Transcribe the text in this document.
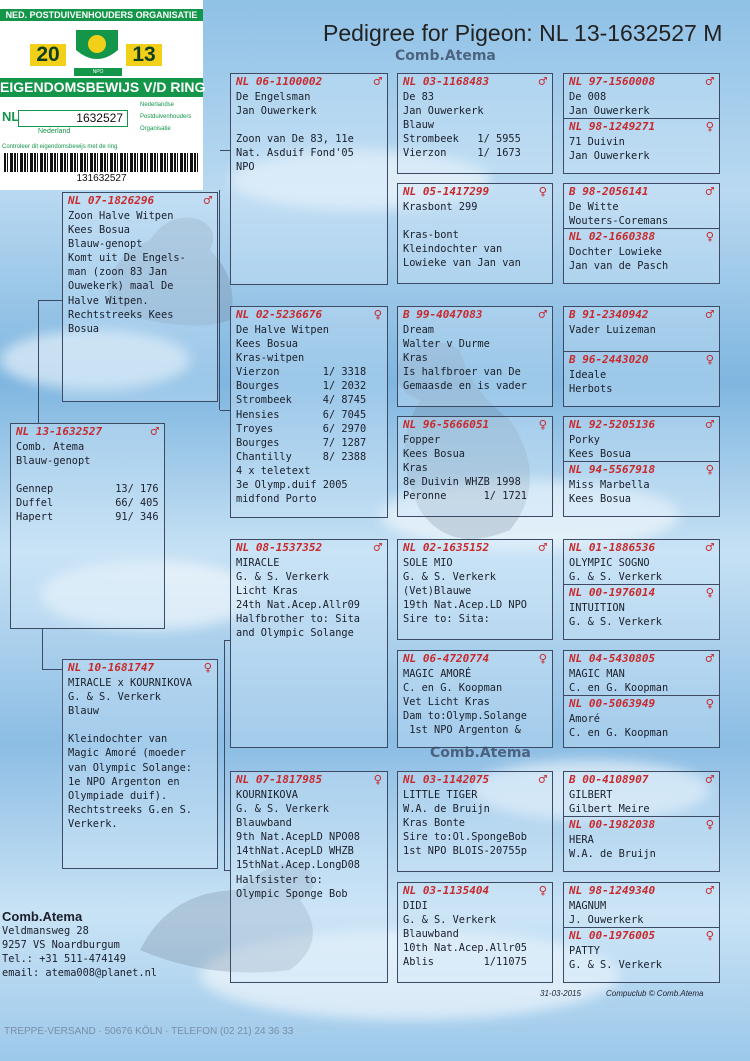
Comb.Atema
Comb.Atema
Pedigree for Pigeon: NL 13-1632527 M
NED. POSTDUIVENHOUDERS ORGANISATIE
20
NPO
13
EIGENDOMSBEWIJS V/D RING
NL	1632527
Nederland
Nederlandse
Postduivenhouders
Organisatie
Controleer dit eigendomsbewijs met de ring
131632527
NL 13-1632527	♂
Comb. Atema
Blauw-genopt

Gennep          13/ 176
Duffel          66/ 405
Hapert          91/ 346
NL 07-1826296	♂
Zoon Halve Witpen
Kees Bosua
Blauw-genopt
Komt uit De Engels-
man (zoon 83 Jan
Ouwekerk) maal De
Halve Witpen.
Rechtstreeks Kees
Bosua
NL 10-1681747	♀
MIRACLE x KOURNIKOVA
G. & S. Verkerk
Blauw

Kleindochter van
Magic Amoré (moeder
van Olympic Solange:
1e NPO Argenton en
Olympiade duif).
Rechtstreeks G.en S.
Verkerk.
NL 06-1100002	♂
De Engelsman
Jan Ouwerkerk

Zoon van De 83, 11e
Nat. Asduif Fond'05
NPO
NL 02-5236676	♀
De Halve Witpen
Kees Bosua
Kras-witpen
Vierzon       1/ 3318
Bourges       1/ 2032
Strombeek     4/ 8745
Hensies       6/ 7045
Troyes        6/ 2970
Bourges       7/ 1287
Chantilly     8/ 2388
4 x teletext
3e Olymp.duif 2005
midfond Porto
NL 08-1537352	♂
MIRACLE
G. & S. Verkerk
Licht Kras
24th Nat.Acep.Allr09
Halfbrother to: Sita
and Olympic Solange
NL 07-1817985	♀
KOURNIKOVA
G. & S. Verkerk
Blauwband
9th Nat.AcepLD NPO08
14thNat.AcepLD WHZB
15thNat.Acep.LongD08
Halfsister to:
Olympic Sponge Bob
NL 03-1168483	♂
De 83
Jan Ouwerkerk
Blauw
Strombeek   1/ 5955
Vierzon     1/ 1673
NL 05-1417299	♀
Krasbont 299

Kras-bont
Kleindochter van
Lowieke van Jan van
B 99-4047083	♂
Dream
Walter v Durme
Kras
Is halfbroer van De
Gemaasde en is vader
NL 96-5666051	♀
Fopper
Kees Bosua
Kras
8e Duivin WHZB 1998
Peronne      1/ 1721
NL 02-1635152	♂
SOLE MIO
G. & S. Verkerk
(Vet)Blauwe
19th Nat.Acep.LD NPO
Sire to: Sita:
NL 06-4720774	♀
MAGIC AMORÉ
C. en G. Koopman
Vet Licht Kras
Dam to:Olymp.Solange
1st NPO Argenton &
NL 03-1142075	♂
LITTLE TIGER
W.A. de Bruijn
Kras Bonte
Sire to:Ol.SpongeBob
1st NPO BLOIS-20755p
NL 03-1135404	♀
DIDI
G. & S. Verkerk
Blauwband
10th Nat.Acep.Allr05
Ablis        1/11075
NL 97-1560008	♂
De 008
Jan Ouwerkerk
NL 98-1249271	♀
71 Duivin
Jan Ouwerkerk
B 98-2056141	♂
De Witte
Wouters-Coremans
NL 02-1660388	♀
Dochter Lowieke
Jan van de Pasch
B 91-2340942	♂
Vader Luizeman

B 96-2443020	♀
Ideale
Herbots
NL 92-5205136	♂
Porky
Kees Bosua
NL 94-5567918	♀
Miss Marbella
Kees Bosua
NL 01-1886536	♂
OLYMPIC SOGNO
G. & S. Verkerk
NL 00-1976014	♀
INTUITION
G. & S. Verkerk
NL 04-5430805	♂
MAGIC MAN
C. en G. Koopman
NL 00-5063949	♀
Amoré
C. en G. Koopman
B 00-4108907	♂
GILBERT
Gilbert Meire
NL 00-1982038	♀
HERA
W.A. de Bruijn
NL 98-1249340	♂
MAGNUM
J. Ouwerkerk
NL 00-1976005	♀
PATTY
G. & S. Verkerk
Comb.Atema
Veldmansweg 28
9257 VS Noardburgum
Tel.: +31 511-474149
email: atema008@planet.nl
31-03-2015	Compuclub © Comb.Atema
TREPPE-VERSAND · 50676 KÖLN · TELEFON (02 21) 24 36 33
